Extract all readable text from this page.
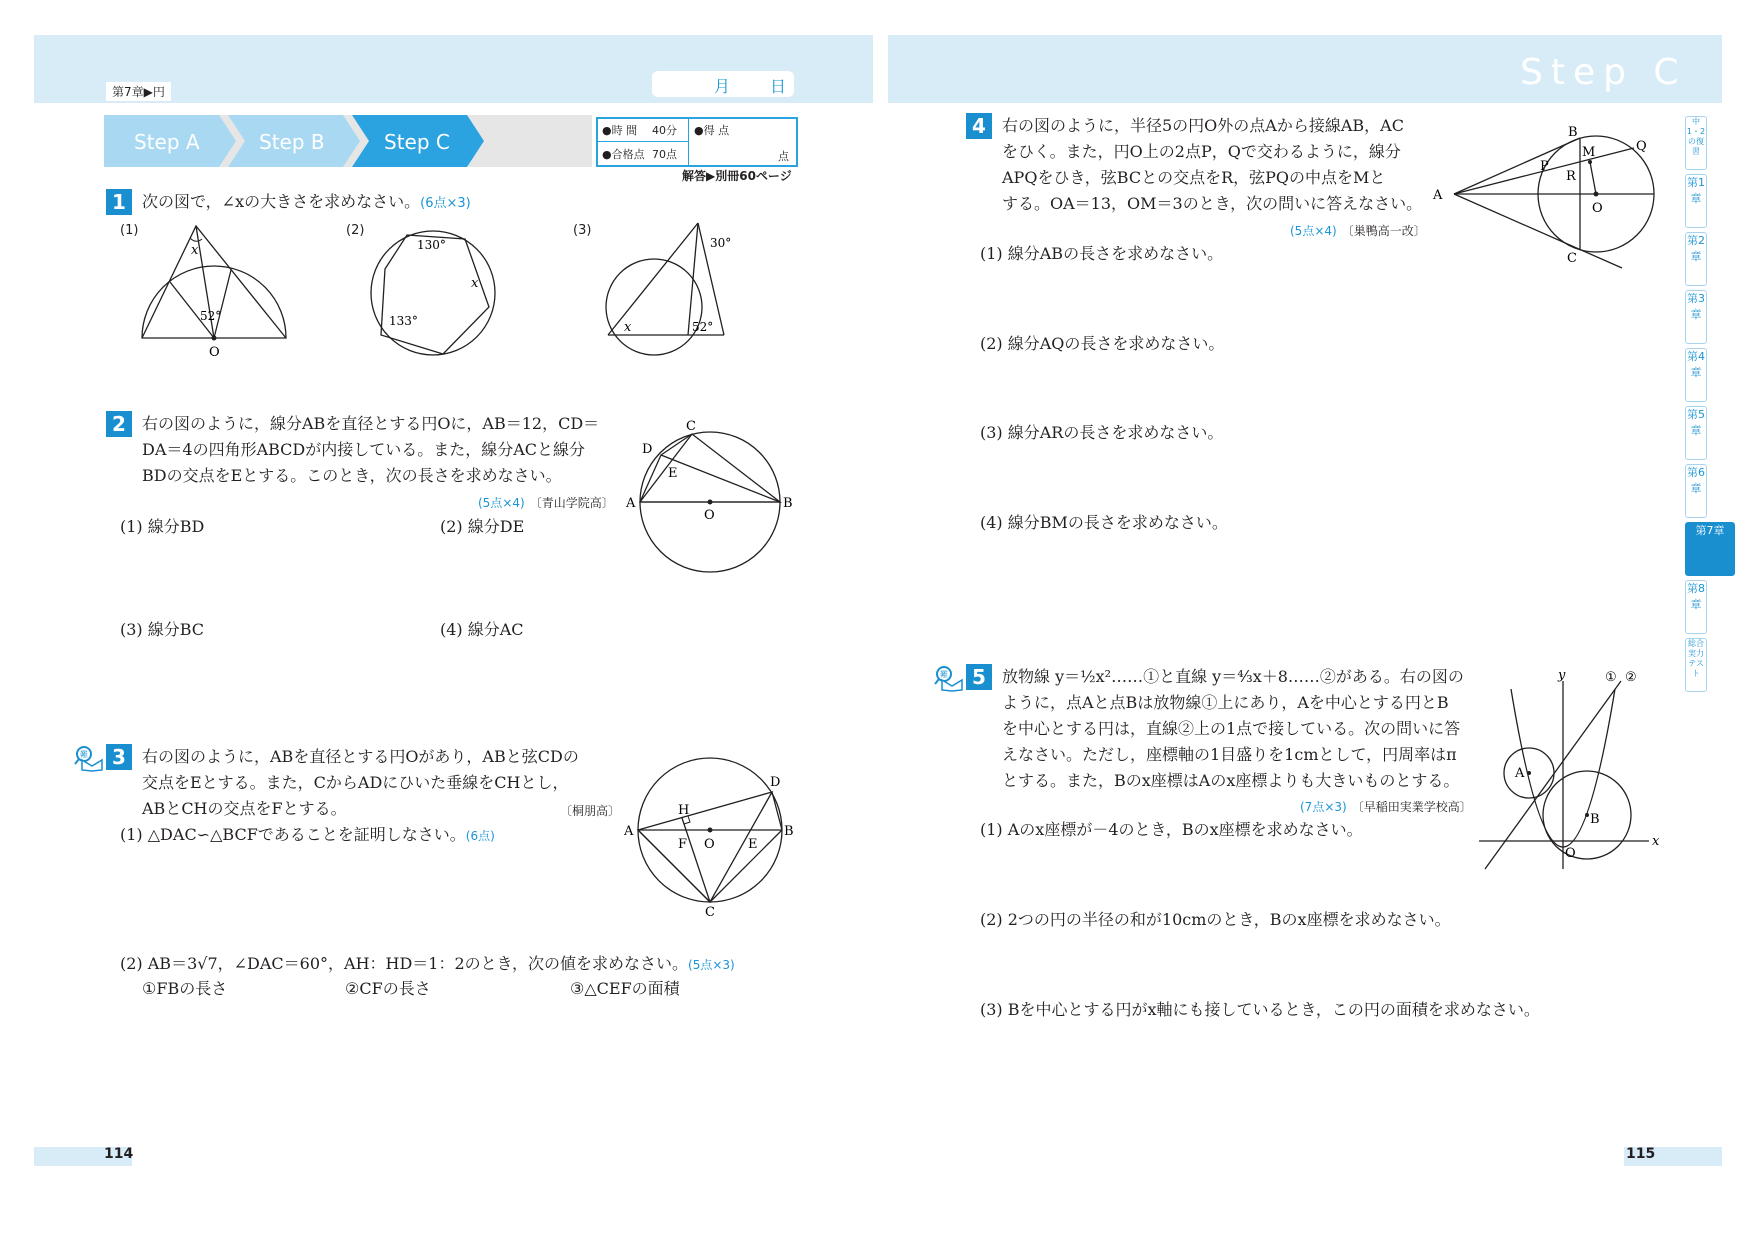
第7章▶円	月 日
Step A	Step B	Step C	●時 間 40分
●合格点 70点
●得 点
点
解答▶別冊60ページ
1	次の図で，∠xの大きさを求めなさい。(6点×3)
(1)	(2)	(3)
x
52°
O
130°
133°
x
30°
52°
x
2	右の図のように，線分ABを直径とする円Oに，AB＝12，CD＝
DA＝4の四角形ABCDが内接している。また，線分ACと線分
BDの交点をEとする。このとき，次の長さを求めなさい。
(5点×4) 〔青山学院高〕
(1) 線分BD	(2) 線分DE
(3) 線分BC	(4) 線分AC
C
D
E
A
O
B
難	3	右の図のように，ABを直径とする円Oがあり，ABと弦CDの
交点をEとする。また，CからADにひいた垂線をCHとし，
ABとCHの交点をFとする。	〔桐朋高〕
(1) △DAC∽△BCFであることを証明しなさい。(6点)
(2) AB＝3√7，∠DAC＝60°，AH：HD＝1：2のとき，次の値を求めなさい。(5点×3)
①FBの長さ	②CFの長さ	③△CEFの面積
A	B
C
D
H
F O	E
114
Step C
4	右の図のように，半径5の円O外の点Aから接線AB，AC
をひく。また，円O上の2点P，Qで交わるように，線分
APQをひき，弦BCとの交点をR，弦PQの中点をMと
する。OA＝13，OM＝3のとき，次の問いに答えなさい。
(5点×4) 〔巣鴨高一改〕
(1) 線分ABの長さを求めなさい。
(2) 線分AQの長さを求めなさい。
(3) 線分ARの長さを求めなさい。
(4) 線分BMの長さを求めなさい。
A
B
C
P
Q
M
R
O
難	5	放物線 y＝½x²……①と直線 y＝⁴⁄₃x＋8……②がある。右の図の
ように，点Aと点Bは放物線①上にあり，Aを中心とする円とB
を中心とする円は，直線②上の1点で接している。次の問いに答
えなさい。ただし，座標軸の1目盛りを1cmとして，円周率はπ
とする。また，Bのx座標はAのx座標よりも大きいものとする。
(7点×3) 〔早稲田実業学校高〕
(1) Aのx座標が－4のとき，Bのx座標を求めなさい。
(2) 2つの円の半径の和が10cmのとき，Bのx座標を求めなさい。
(3) Bを中心とする円がx軸にも接しているとき，この円の面積を求めなさい。
y
x
① ②
A
B
O
中1・2の復習
第1章
第2章
第3章
第4章
第5章
第6章
第7章
第8章
総合実力テスト
115
